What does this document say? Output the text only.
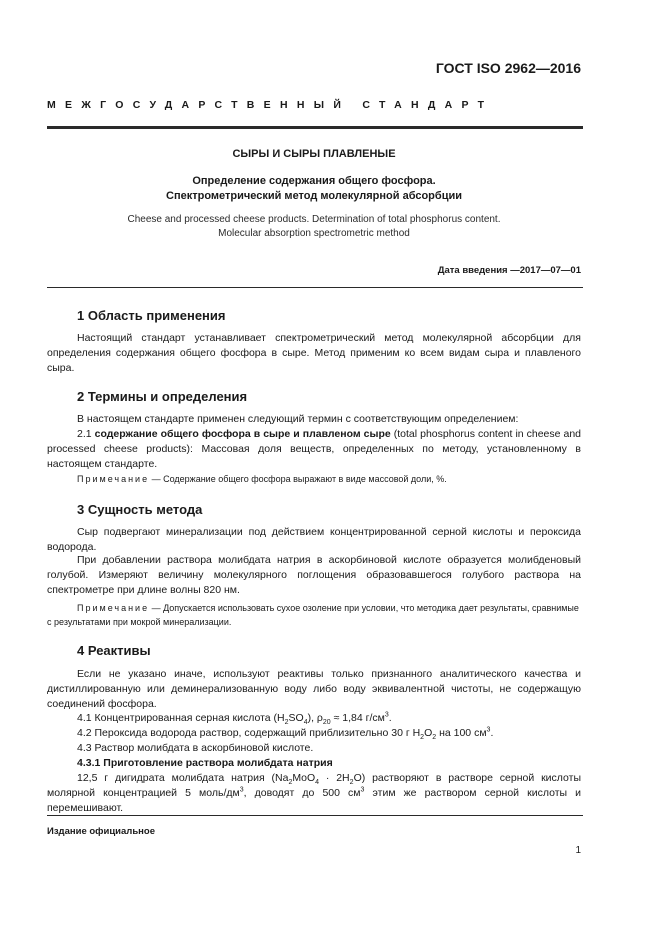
ГОСТ ISO 2962—2016
МЕЖГОСУДАРСТВЕННЫЙ СТАНДАРТ
СЫРЫ И СЫРЫ ПЛАВЛЕНЫЕ
Определение содержания общего фосфора.
Спектрометрический метод молекулярной абсорбции
Cheese and processed cheese products. Determination of total phosphorus content.
Molecular absorption spectrometric method
Дата введения —2017—07—01
1 Область применения
Настоящий стандарт устанавливает спектрометрический метод молекулярной абсорбции для определения содержания общего фосфора в сыре. Метод применим ко всем видам сыра и плавленого сыра.
2 Термины и определения
В настоящем стандарте применен следующий термин с соответствующим определением:
2.1 содержание общего фосфора в сыре и плавленом сыре (total phosphorus content in cheese and processed cheese products): Массовая доля веществ, определенных по методу, установленному в настоящем стандарте.
Примечание — Содержание общего фосфора выражают в виде массовой доли, %.
3 Сущность метода
Сыр подвергают минерализации под действием концентрированной серной кислоты и пероксида водорода.
При добавлении раствора молибдата натрия в аскорбиновой кислоте образуется молибденовый голубой. Измеряют величину молекулярного поглощения образовавшегося голубого раствора на спектрометре при длине волны 820 нм.
Примечание — Допускается использовать сухое озоление при условии, что методика дает результаты, сравнимые с результатами при мокрой минерализации.
4 Реактивы
Если не указано иначе, используют реактивы только признанного аналитического качества и дистиллированную или деминерализованную воду либо воду эквивалентной чистоты, не содержащую соединений фосфора.
4.1 Концентрированная серная кислота $(H_2SO_4)$, $\rho_{20} \approx 1,84$ $г/см^3$.
4.2 Пероксида водорода раствор, содержащий приблизительно 30 г $H_2O_2$ на 100 $см^3$.
4.3 Раствор молибдата в аскорбиновой кислоте.
4.3.1 Приготовление раствора молибдата натрия
12,5 г дигидрата молибдата натрия $(Na_2MoO_4 \cdot 2H_2O)$ растворяют в растворе серной кислоты молярной концентрацией 5 моль/$дм^3$, доводят до 500 $см^3$ этим же раствором серной кислоты и перемешивают.
Издание официальное
1
